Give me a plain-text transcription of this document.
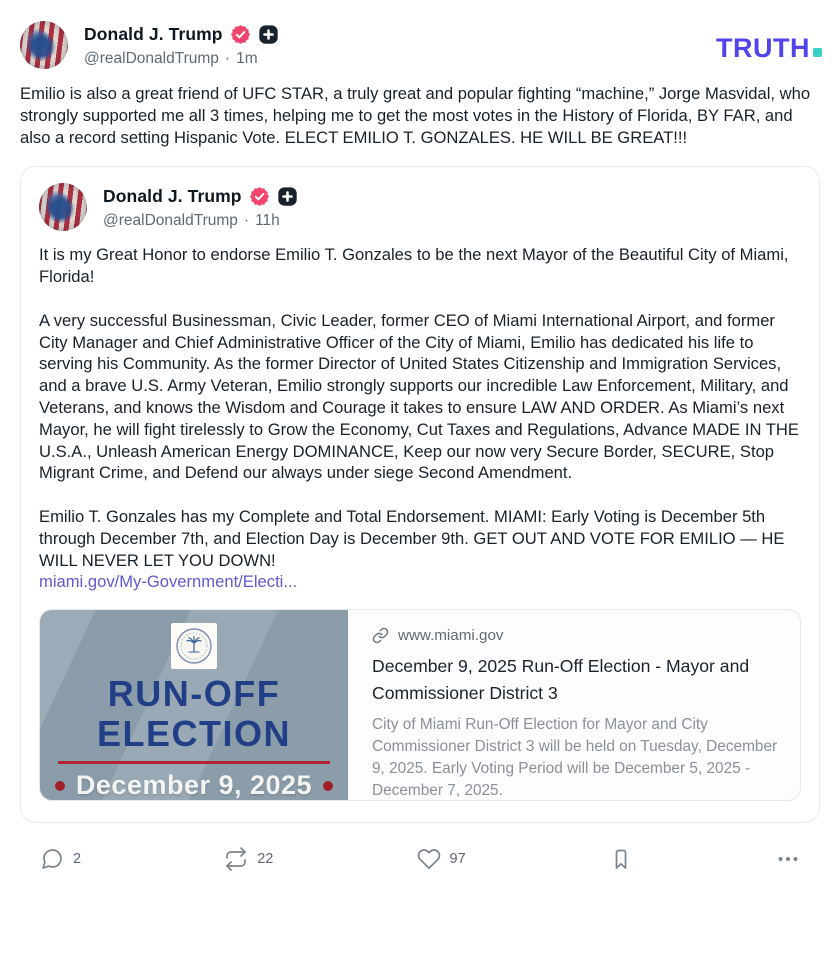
Donald J. Trump
@realDonaldTrump · 1m	TRUTH
Emilio is also a great friend of UFC STAR, a truly great and popular fighting “machine,” Jorge Masvidal, who strongly supported me all 3 times, helping me to get the most votes in the History of Florida, BY FAR, and also a record setting Hispanic Vote. ELECT EMILIO T. GONZALES. HE WILL BE GREAT!!!
Donald J. Trump
@realDonaldTrump · 11h

It is my Great Honor to endorse Emilio T. Gonzales to be the next Mayor of the Beautiful City of Miami, Florida!

A very successful Businessman, Civic Leader, former CEO of Miami International Airport, and former City Manager and Chief Administrative Officer of the City of Miami, Emilio has dedicated his life to serving his Community. As the former Director of United States Citizenship and Immigration Services, and a brave U.S. Army Veteran, Emilio strongly supports our incredible Law Enforcement, Military, and Veterans, and knows the Wisdom and Courage it takes to ensure LAW AND ORDER. As Miami’s next Mayor, he will fight tirelessly to Grow the Economy, Cut Taxes and Regulations, Advance MADE IN THE U.S.A., Unleash American Energy DOMINANCE, Keep our now very Secure Border, SECURE, Stop Migrant Crime, and Defend our always under siege Second Amendment.

Emilio T. Gonzales has my Complete and Total Endorsement. MIAMI: Early Voting is December 5th through December 7th, and Election Day is December 9th. GET OUT AND VOTE FOR EMILIO — HE WILL NEVER LET YOU DOWN!

miami.gov/My-Government/Electi...
RUN-OFF
ELECTION
December 9, 2025
www.miami.gov
December 9, 2025 Run-Off Election - Mayor and Commissioner District 3
City of Miami Run-Off Election for Mayor and City Commissioner District 3 will be held on Tuesday, December 9, 2025. Early Voting Period will be December 5, 2025 - December 7, 2025.
2	22	97
